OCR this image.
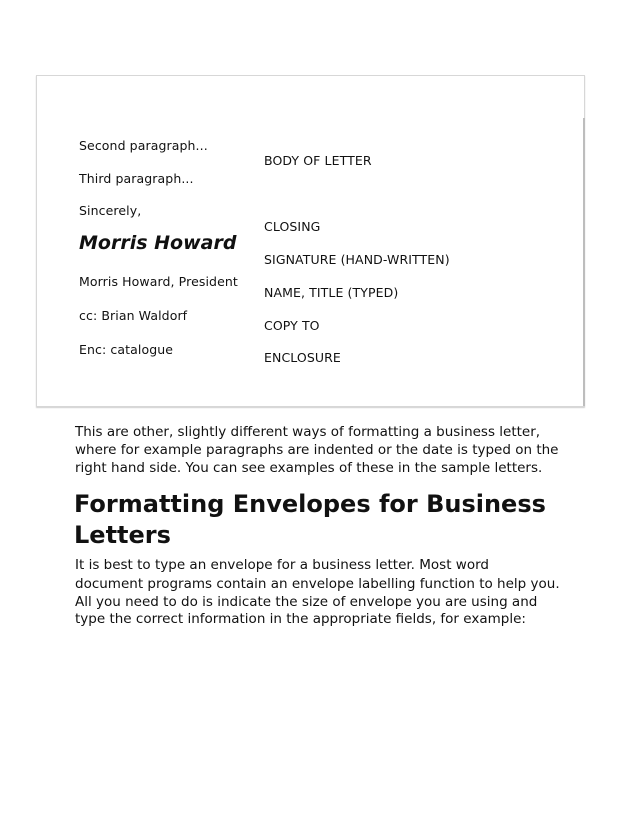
Second paragraph...
Third paragraph...
Sincerely,
Morris Howard
Morris Howard, President
cc: Brian Waldorf
Enc: catalogue
BODY OF LETTER
CLOSING
SIGNATURE (HAND-WRITTEN)
NAME, TITLE (TYPED)
COPY TO
ENCLOSURE
This are other, slightly different ways of formatting a business letter,
where for example paragraphs are indented or the date is typed on the
right hand side. You can see examples of these in the sample letters.
Formatting Envelopes for Business
Letters
It is best to type an envelope for a business letter. Most word
document programs contain an envelope labelling function to help you.
All you need to do is indicate the size of envelope you are using and
type the correct information in the appropriate fields, for example:
